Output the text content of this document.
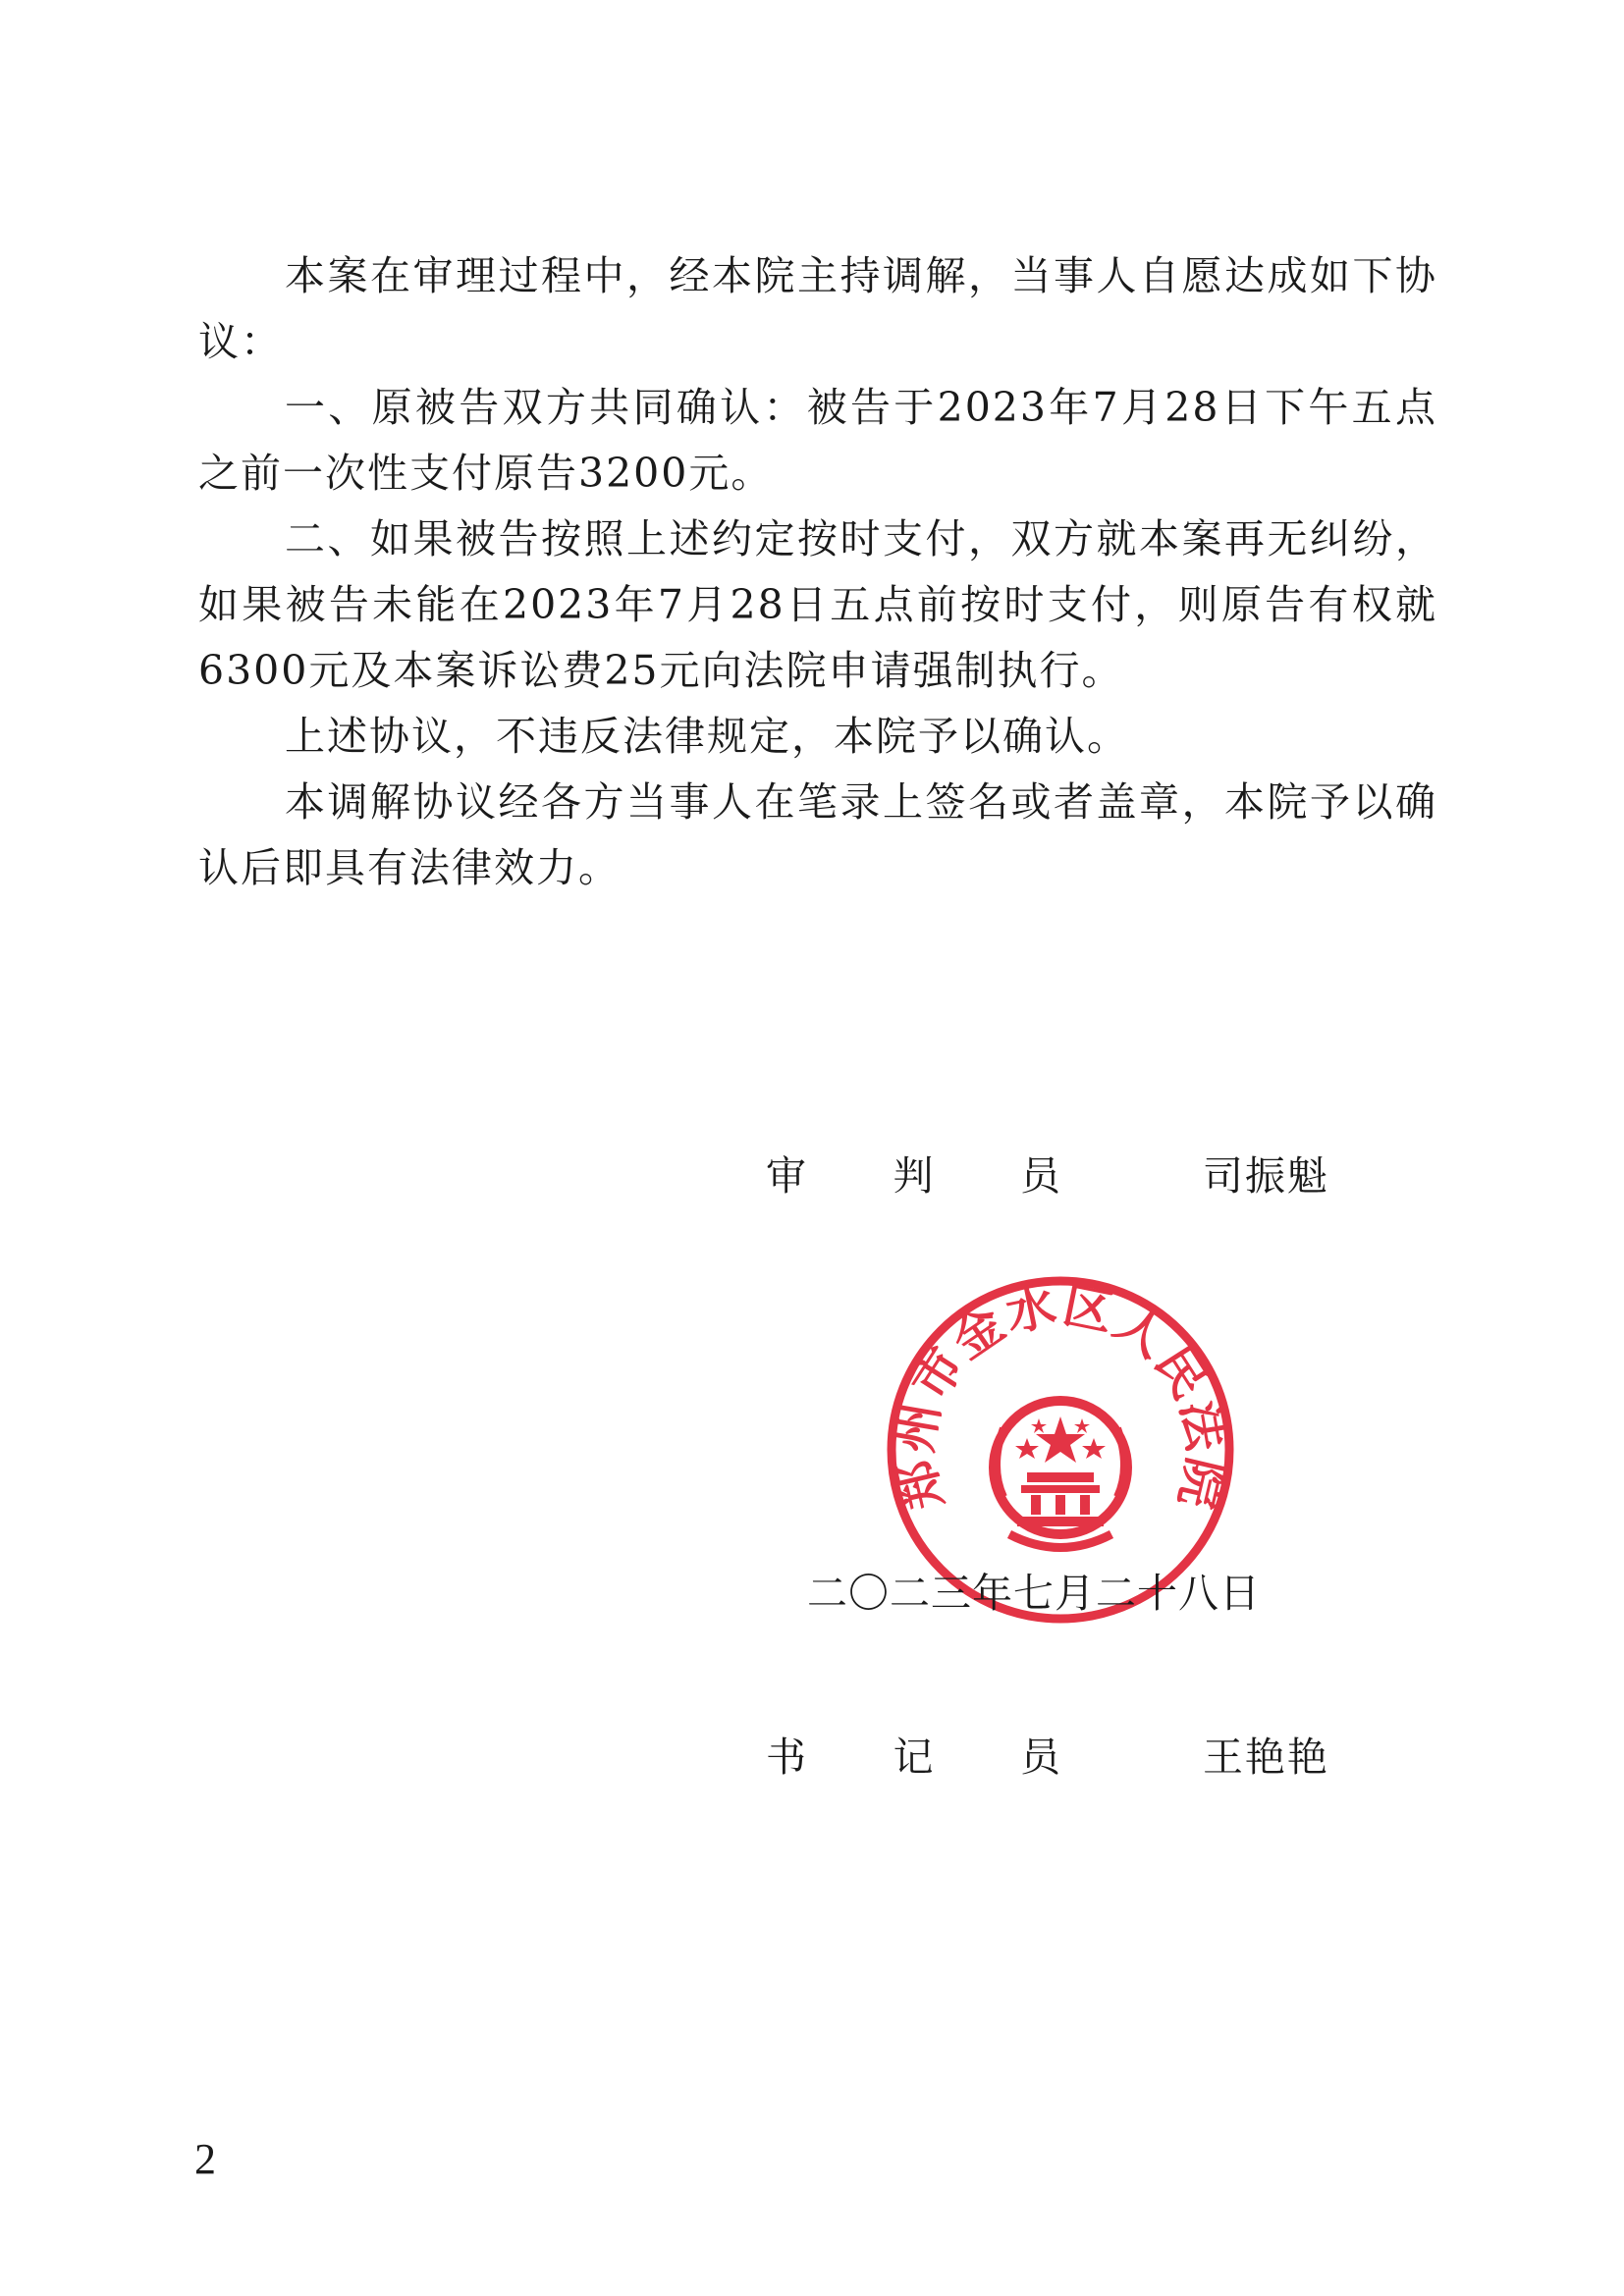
本案在审理过程中，经本院主持调解，当事人自愿达成如下协议：

一、原被告双方共同确认：被告于2023年7月28日下午五点之前一次性支付原告3200元。

二、如果被告按照上述约定按时支付，双方就本案再无纠纷，如果被告未能在2023年7月28日五点前按时支付，则原告有权就6300元及本案诉讼费25元向法院申请强制执行。

上述协议，不违反法律规定，本院予以确认。

本调解协议经各方当事人在笔录上签名或者盖章，本院予以确认后即具有法律效力。

审 判 员	司振魁
郑州市金水区人民法院
二〇二三年七月二十八日
书 记 员	王艳艳
2
